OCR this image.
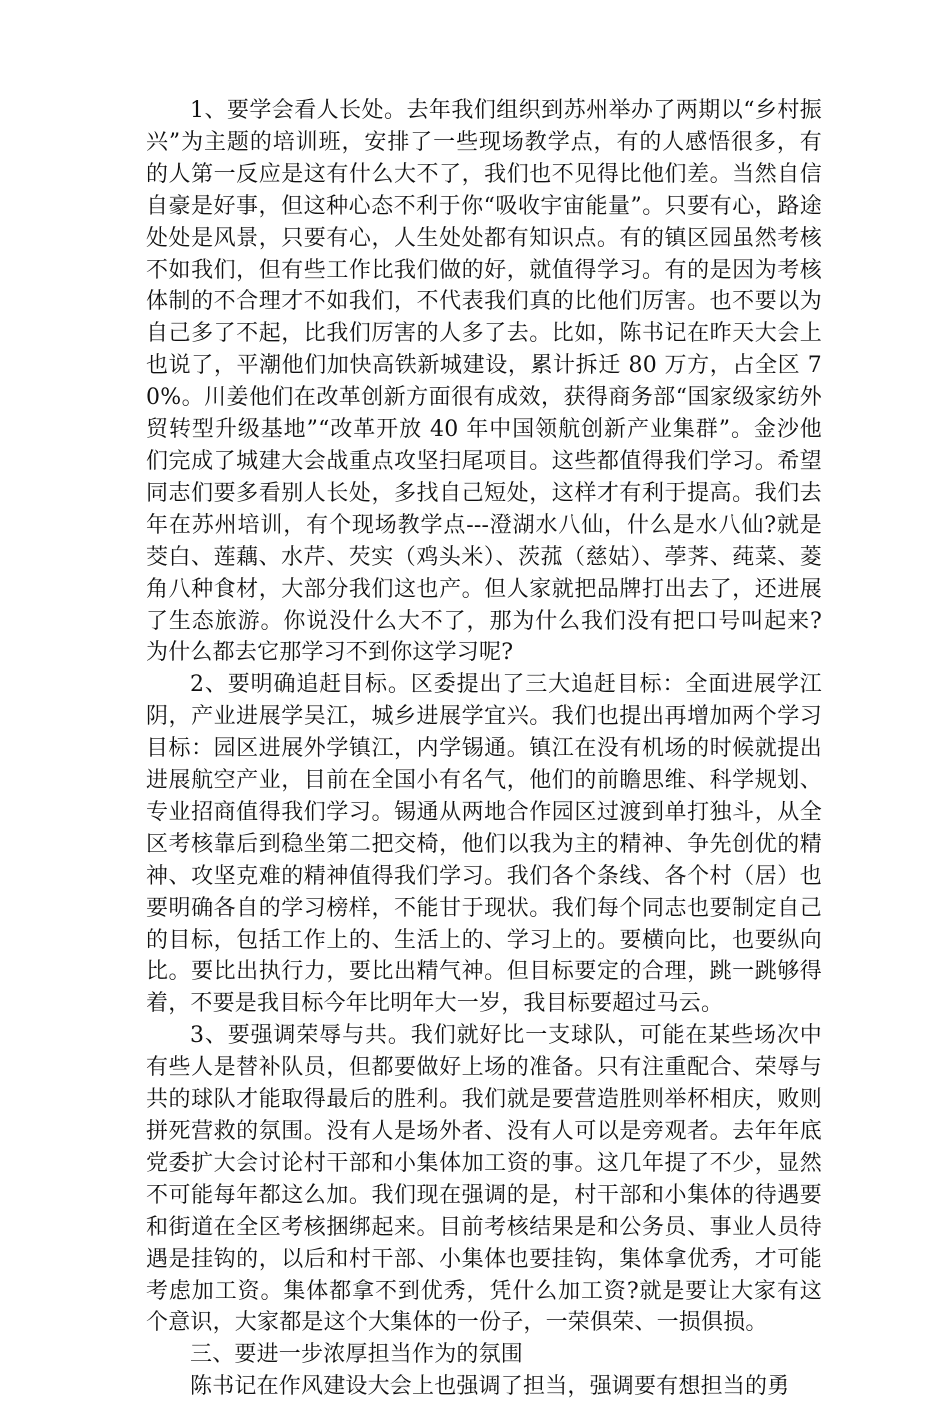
1、要学会看人长处。去年我们组织到苏州举办了两期以“乡村振兴”为主题的培训班，安排了一些现场教学点，有的人感悟很多，有的人第一反应是这有什么大不了，我们也不见得比他们差。当然自信自豪是好事，但这种心态不利于你“吸收宇宙能量”。只要有心，路途处处是风景，只要有心，人生处处都有知识点。有的镇区园虽然考核不如我们，但有些工作比我们做的好，就值得学习。有的是因为考核体制的不合理才不如我们，不代表我们真的比他们厉害。也不要以为自己多了不起，比我们厉害的人多了去。比如，陈书记在昨天大会上也说了，平潮他们加快高铁新城建设，累计拆迁 80 万方，占全区 70%。川姜他们在改革创新方面很有成效，获得商务部“国家级家纺外贸转型升级基地”“改革开放 40 年中国领航创新产业集群”。金沙他们完成了城建大会战重点攻坚扫尾项目。这些都值得我们学习。希望同志们要多看别人长处，多找自己短处，这样才有利于提高。我们去年在苏州培训，有个现场教学点---澄湖水八仙，什么是水八仙?就是茭白、莲藕、水芹、芡实（鸡头米）、茨菰（慈姑）、荸荠、莼菜、菱角八种食材，大部分我们这也产。但人家就把品牌打出去了，还进展了生态旅游。你说没什么大不了，那为什么我们没有把口号叫起来?为什么都去它那学习不到你这学习呢?

2、要明确追赶目标。区委提出了三大追赶目标：全面进展学江阴，产业进展学吴江，城乡进展学宜兴。我们也提出再增加两个学习目标：园区进展外学镇江，内学锡通。镇江在没有机场的时候就提出进展航空产业，目前在全国小有名气，他们的前瞻思维、科学规划、专业招商值得我们学习。锡通从两地合作园区过渡到单打独斗，从全区考核靠后到稳坐第二把交椅，他们以我为主的精神、争先创优的精神、攻坚克难的精神值得我们学习。我们各个条线、各个村（居）也要明确各自的学习榜样，不能甘于现状。我们每个同志也要制定自己的目标，包括工作上的、生活上的、学习上的。要横向比，也要纵向比。要比出执行力，要比出精气神。但目标要定的合理，跳一跳够得着，不要是我目标今年比明年大一岁，我目标要超过马云。

3、要强调荣辱与共。我们就好比一支球队，可能在某些场次中有些人是替补队员，但都要做好上场的准备。只有注重配合、荣辱与共的球队才能取得最后的胜利。我们就是要营造胜则举杯相庆，败则拼死营救的氛围。没有人是场外者、没有人可以是旁观者。去年年底党委扩大会讨论村干部和小集体加工资的事。这几年提了不少，显然不可能每年都这么加。我们现在强调的是，村干部和小集体的待遇要和街道在全区考核捆绑起来。目前考核结果是和公务员、事业人员待遇是挂钩的，以后和村干部、小集体也要挂钩，集体拿优秀，才可能考虑加工资。集体都拿不到优秀，凭什么加工资?就是要让大家有这个意识，大家都是这个大集体的一份子，一荣俱荣、一损俱损。

三、要进一步浓厚担当作为的氛围

陈书记在作风建设大会上也强调了担当，强调要有想担当的勇
